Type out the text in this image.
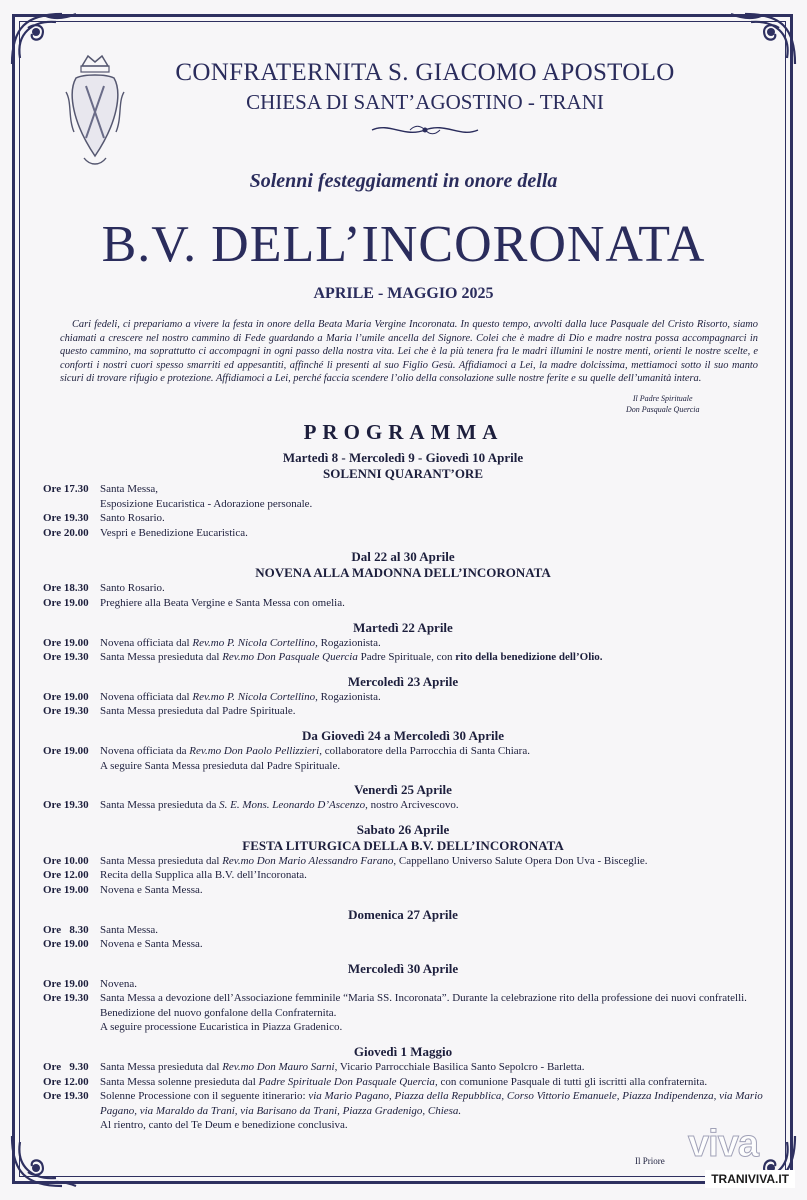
CONFRATERNITA S. GIACOMO APOSTOLO
CHIESA DI SANT’AGOSTINO - TRANI
Solenni festeggiamenti in onore della
B.V. DELL’INCORONATA
APRILE - MAGGIO 2025
Cari fedeli, ci prepariamo a vivere la festa in onore della Beata Maria Vergine Incoronata. In questo tempo, avvolti dalla luce Pasquale del Cristo Risorto, siamo chiamati a crescere nel nostro cammino di Fede guardando a Maria l’umile ancella del Signore. Colei che è madre di Dio e madre nostra possa accompagnarci in questo cammino, ma soprattutto ci accompagni in ogni passo della nostra vita. Lei che è la più tenera fra le madri illumini le nostre menti, orienti le nostre scelte, e conforti i nostri cuori spesso smarriti ed appesantiti, affinché li presenti al suo Figlio Gesù. Affidiamoci a Lei, la madre dolcissima, mettiamoci sotto il suo manto sicuri di trovare rifugio e protezione. Affidiamoci a Lei, perché faccia scendere l’olio della consolazione sulle nostre ferite e su quelle dell’umanità intera.
Il Padre Spirituale
Don Pasquale Quercia
PROGRAMMA
Martedì 8 - Mercoledì 9 - Giovedì 10 Aprile
SOLENNI QUARANT’ORE
Ore 17.30	Santa Messa,
Esposizione Eucaristica - Adorazione personale.
Ore 19.30	Santo Rosario.
Ore 20.00	Vespri e Benedizione Eucaristica.
Dal 22 al 30 Aprile
NOVENA ALLA MADONNA DELL’INCORONATA
Ore 18.30	Santo Rosario.
Ore 19.00	Preghiere alla Beata Vergine e Santa Messa con omelia.
Martedì 22 Aprile
Ore 19.00	Novena officiata dal Rev.mo P. Nicola Cortellino, Rogazionista.
Ore 19.30	Santa Messa presieduta dal Rev.mo Don Pasquale Quercia Padre Spirituale, con rito della benedizione dell’Olio.
Mercoledì 23 Aprile
Ore 19.00	Novena officiata dal Rev.mo P. Nicola Cortellino, Rogazionista.
Ore 19.30	Santa Messa presieduta dal Padre Spirituale.
Da Giovedì 24 a Mercoledì 30 Aprile
Ore 19.00	Novena officiata da Rev.mo Don Paolo Pellizzieri, collaboratore della Parrocchia di Santa Chiara.
A seguire Santa Messa presieduta dal Padre Spirituale.
Venerdì 25 Aprile
Ore 19.30	Santa Messa presieduta da S. E. Mons. Leonardo D’Ascenzo, nostro Arcivescovo.
Sabato 26 Aprile
FESTA LITURGICA DELLA B.V. DELL’INCORONATA
Ore 10.00	Santa Messa presieduta dal Rev.mo Don Mario Alessandro Farano, Cappellano Universo Salute Opera Don Uva - Bisceglie.
Ore 12.00	Recita della Supplica alla B.V. dell’Incoronata.
Ore 19.00	Novena e Santa Messa.
Domenica 27 Aprile
Ore   8.30	Santa Messa.
Ore 19.00	Novena e Santa Messa.
Mercoledì 30 Aprile
Ore 19.00	Novena.
Ore 19.30	Santa Messa a devozione dell’Associazione femminile “Maria SS. Incoronata”. Durante la celebrazione rito della professione dei nuovi confratelli. Benedizione del nuovo gonfalone della Confraternita.
A seguire processione Eucaristica in Piazza Gradenico.
Giovedì 1 Maggio
Ore   9.30	Santa Messa presieduta dal Rev.mo Don Mauro Sarni, Vicario Parrocchiale Basilica Santo Sepolcro - Barletta.
Ore 12.00	Santa Messa solenne presieduta dal Padre Spirituale Don Pasquale Quercia, con comunione Pasquale di tutti gli iscritti alla confraternita.
Ore 19.30	Solenne Processione con il seguente itinerario: via Mario Pagano, Piazza della Repubblica, Corso Vittorio Emanuele, Piazza Indipendenza, via Mario Pagano, via Maraldo da Trani, via Barisano da Trani, Piazza Gradenigo, Chiesa.
Al rientro, canto del Te Deum e benedizione conclusiva.
Il Priore viva
TRANIVIVA.IT
